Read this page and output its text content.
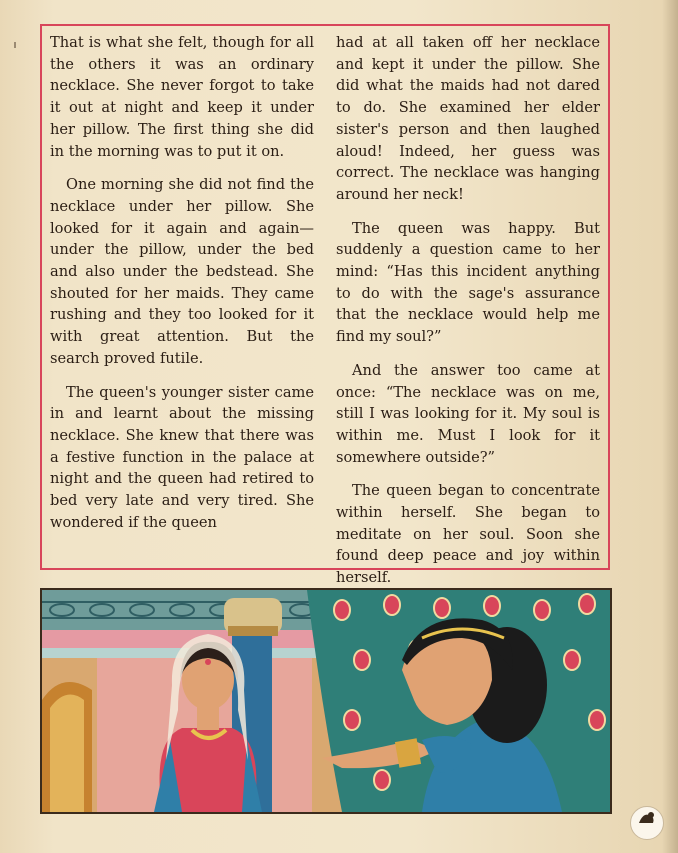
That is what she felt, though for all the others it was an ordinary necklace. She never forgot to take it out at night and keep it under her pillow. The first thing she did in the morning was to put it on.

One morning she did not find the necklace under her pillow. She looked for it again and again—under the pillow, under the bed and also under the bedstead. She shouted for her maids. They came rushing and they too looked for it with great attention. But the search proved futile.

The queen's younger sister came in and learnt about the missing necklace. She knew that there was a festive function in the palace at night and the queen had retired to bed very late and very tired. She wondered if the queen

had at all taken off her necklace and kept it under the pillow. She did what the maids had not dared to do. She examined her elder sister's person and then laughed aloud! Indeed, her guess was correct. The necklace was hanging around her neck!

The queen was happy. But suddenly a question came to her mind: “Has this incident anything to do with the sage's assurance that the necklace would help me find my soul?”

And the answer too came at once: “The necklace was on me, still I was looking for it. My soul is within me. Must I look for it somewhere outside?”

The queen began to concentrate within herself. She began to meditate on her soul. Soon she found deep peace and joy within herself.
